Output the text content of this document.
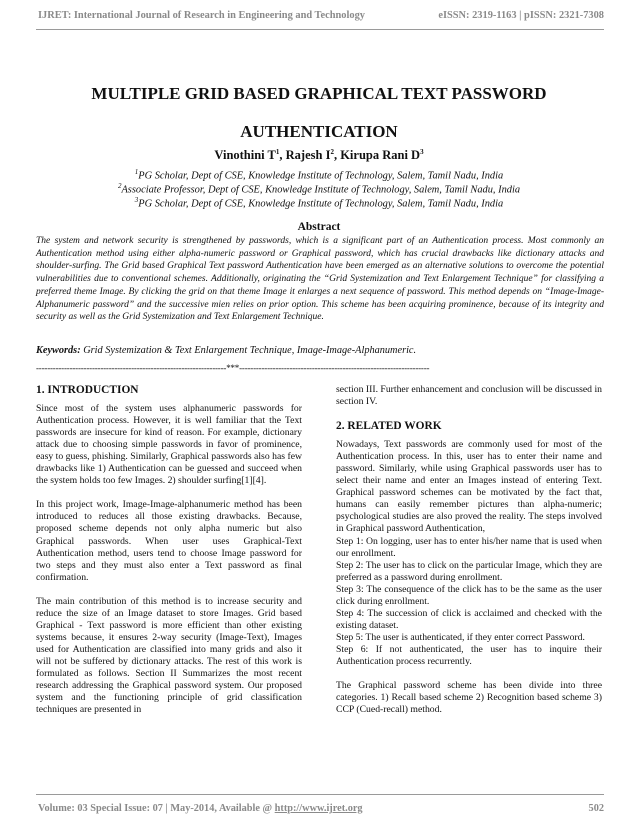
IJRET: International Journal of Research in Engineering and Technology	eISSN: 2319-1163 | pISSN: 2321-7308
MULTIPLE GRID BASED GRAPHICAL TEXT PASSWORD
AUTHENTICATION
Vinothini $T^1$, Rajesh $I^2$, Kirupa Rani $D^3$
$^1$PG Scholar, Dept of CSE, Knowledge Institute of Technology, Salem, Tamil Nadu, India
$^2$Associate Professor, Dept of CSE, Knowledge Institute of Technology, Salem, Tamil Nadu, India
$^3$PG Scholar, Dept of CSE, Knowledge Institute of Technology, Salem, Tamil Nadu, India
Abstract
The system and network security is strengthened by passwords, which is a significant part of an Authentication process. Most commonly an Authentication method using either alpha-numeric password or Graphical password, which has crucial drawbacks like dictionary attacks and shoulder-surfing. The Grid based Graphical Text password Authentication have been emerged as an alternative solutions to overcome the potential vulnerabilities due to conventional schemes. Additionally, originating the “Grid Systemization and Text Enlargement Technique” for classifying a preferred theme Image. By clicking the grid on that theme Image it enlarges a next sequence of password. This method depends on “Image-Image-Alphanumeric password” and the successive mien relies on prior option. This scheme has been acquiring prominence, because of its integrity and security as well as the Grid Systemization and Text Enlargement Technique.
Keywords: Grid Systemization & Text Enlargement Technique, Image-Image-Alphanumeric.
--------------------------------------------------------------------***--------------------------------------------------------------------
1. INTRODUCTION

Since most of the system uses alphanumeric passwords for Authentication process. However, it is well familiar that the Text passwords are insecure for kind of reason. For example, dictionary attack due to choosing simple passwords in favor of prominence, easy to guess, phishing. Similarly, Graphical passwords also has few drawbacks like 1) Authentication can be guessed and succeed when the system holds too few Images. 2) shoulder surfing[1][4].

In this project work, Image-Image-alphanumeric method has been introduced to reduces all those existing drawbacks. Because, proposed scheme depends not only alpha numeric but also Graphical passwords. When user uses Graphical-Text Authentication method, users tend to choose Image password for two steps and they must also enter a Text password as final confirmation.

The main contribution of this method is to increase security and reduce the size of an Image dataset to store Images. Grid based Graphical - Text password is more efficient than other existing systems because, it ensures 2-way security (Image-Text), Images used for Authentication are classified into many grids and also it will not be suffered by dictionary attacks. The rest of this work is formulated as follows. Section II Summarizes the most recent research addressing the Graphical password system. Our proposed system and the functioning principle of grid classification techniques are presented in

section III. Further enhancement and conclusion will be discussed in section IV.

2. RELATED WORK

Nowadays, Text passwords are commonly used for most of the Authentication process. In this, user has to enter their name and password. Similarly, while using Graphical passwords user has to select their name and enter an Images instead of entering Text. Graphical password schemes can be motivated by the fact that, humans can easily remember pictures than alpha-numeric; psychological studies are also proved the reality. The steps involved in Graphical password Authentication,

Step 1: On logging, user has to enter his/her name that is used when our enrollment.

Step 2: The user has to click on the particular Image, which they are preferred as a password during enrollment.

Step 3: The consequence of the click has to be the same as the user click during enrollment.

Step 4: The succession of click is acclaimed and checked with the existing dataset.

Step 5: The user is authenticated, if they enter correct Password.

Step 6: If not authenticated, the user has to inquire their Authentication process recurrently.

The Graphical password scheme has been divide into three categories. 1) Recall based scheme 2) Recognition based scheme 3) CCP (Cued-recall) method.

Volume: 03 Special Issue: 07 | May-2014, Available @ http://www.ijret.org	502
